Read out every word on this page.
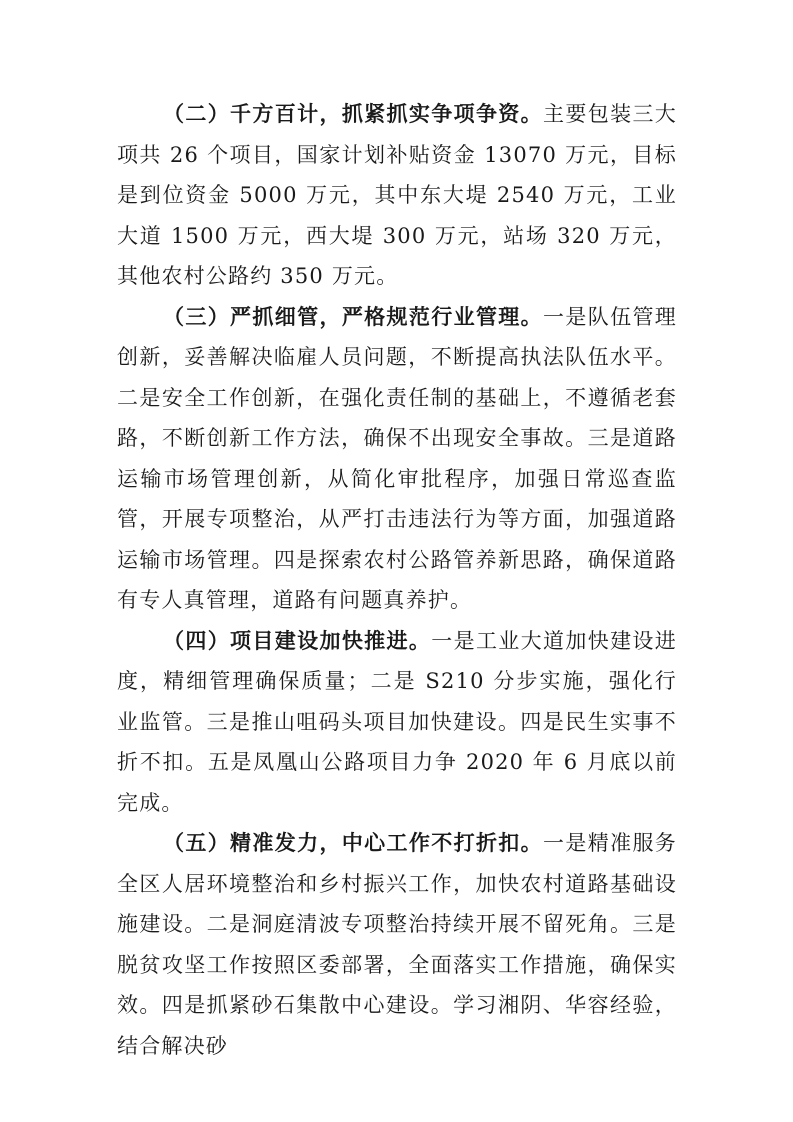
（二）千方百计，抓紧抓实争项争资。主要包装三大项共 26 个项目，国家计划补贴资金 13070 万元，目标是到位资金 5000 万元，其中东大堤 2540 万元，工业大道 1500 万元，西大堤 300 万元，站场 320 万元，其他农村公路约 350 万元。

（三）严抓细管，严格规范行业管理。一是队伍管理创新，妥善解决临雇人员问题，不断提高执法队伍水平。二是安全工作创新，在强化责任制的基础上，不遵循老套路，不断创新工作方法，确保不出现安全事故。三是道路运输市场管理创新，从简化审批程序，加强日常巡查监管，开展专项整治，从严打击违法行为等方面，加强道路运输市场管理。四是探索农村公路管养新思路，确保道路有专人真管理，道路有问题真养护。

（四）项目建设加快推进。一是工业大道加快建设进度，精细管理确保质量；二是 S210 分步实施，强化行业监管。三是推山咀码头项目加快建设。四是民生实事不折不扣。五是凤凰山公路项目力争 2020 年 6 月底以前完成。

（五）精准发力，中心工作不打折扣。一是精准服务全区人居环境整治和乡村振兴工作，加快农村道路基础设施建设。二是洞庭清波专项整治持续开展不留死角。三是脱贫攻坚工作按照区委部署，全面落实工作措施，确保实效。四是抓紧砂石集散中心建设。学习湘阴、华容经验，结合解决砂
